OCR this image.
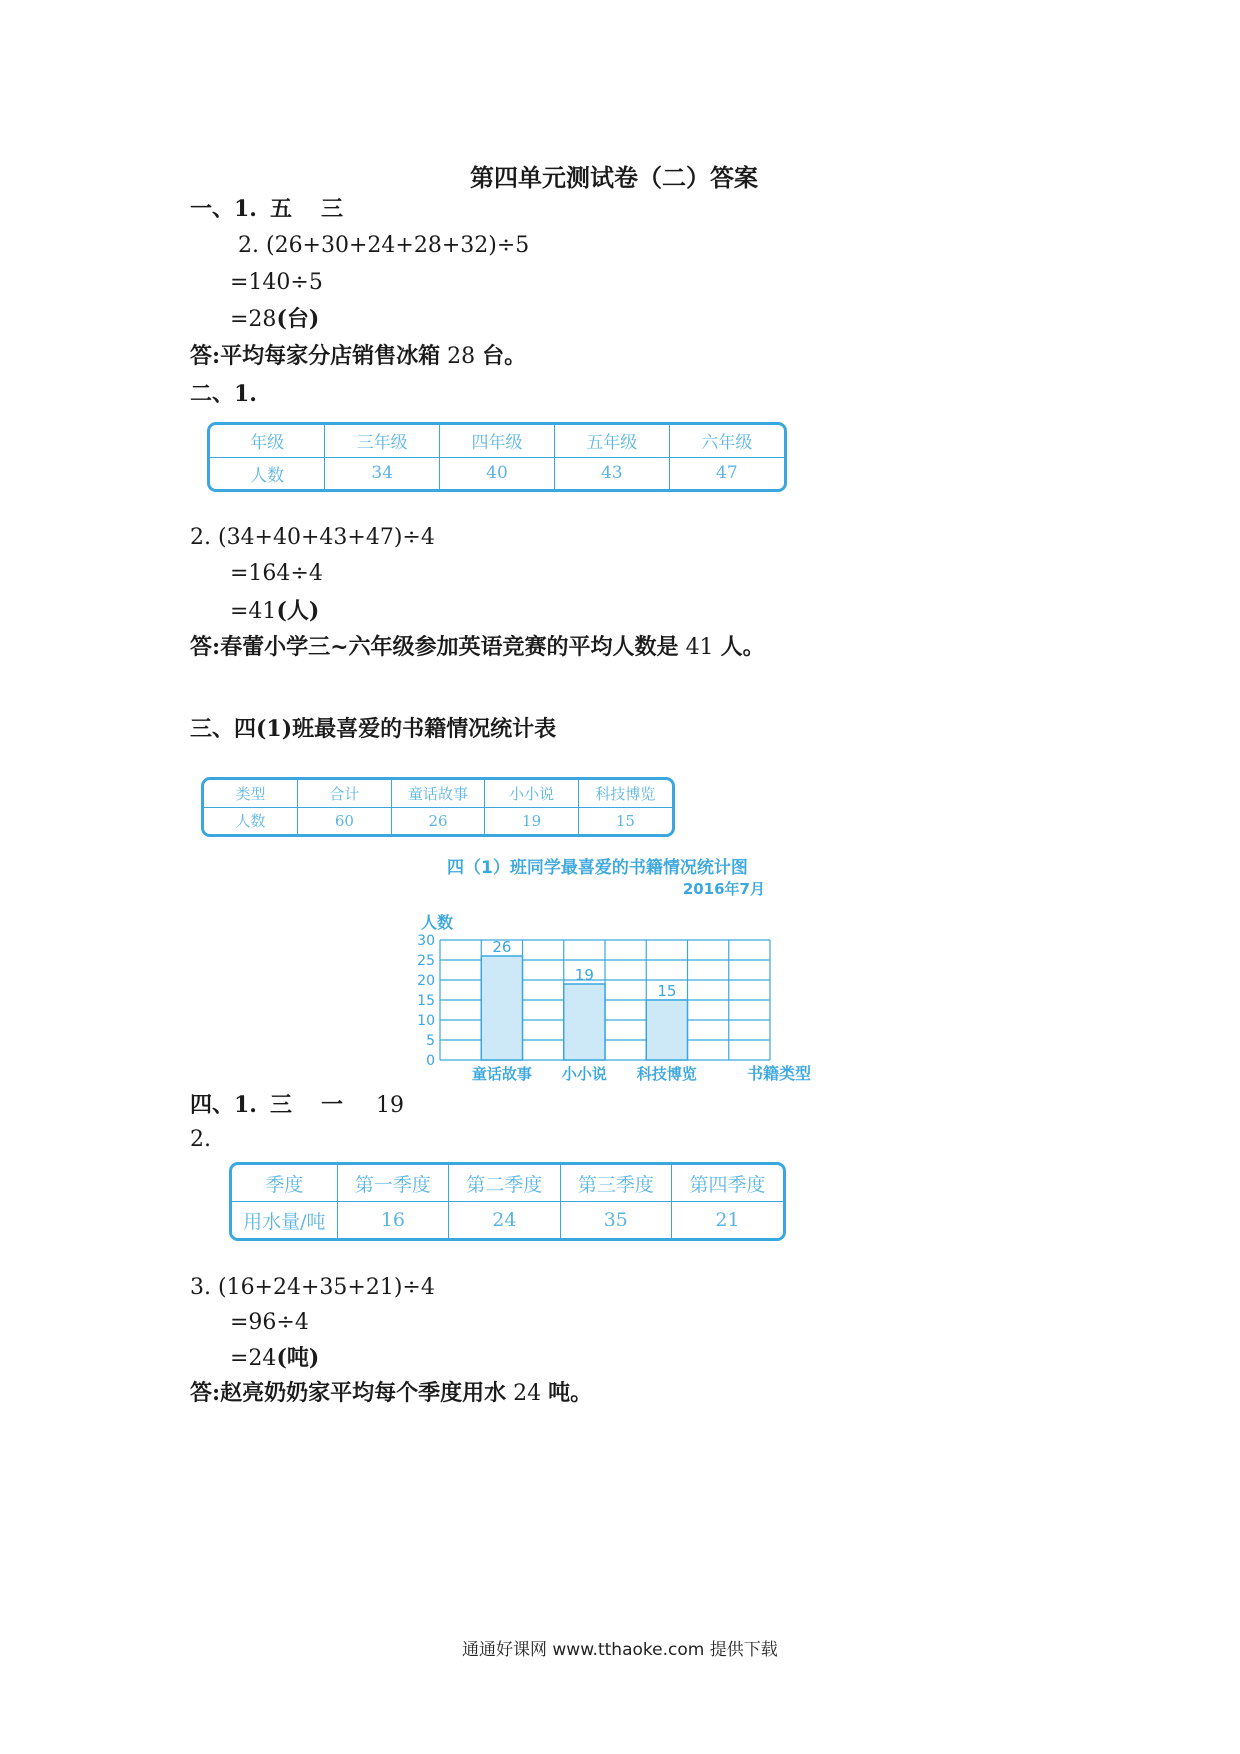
第四单元测试卷（二）答案
一、1. 五 三
2. (26+30+24+28+32)÷5
=140÷5
=28(台)
答:平均每家分店销售冰箱 28 台。
二、1.
年级	三年级	四年级	五年级	六年级
人数	34	40	43	47
2. (34+40+43+47)÷4
=164÷4
=41(人)
答:春蕾小学三~六年级参加英语竞赛的平均人数是 41 人。
三、四(1)班最喜爱的书籍情况统计表
类型	合计	童话故事	小小说	科技博览
人数	60	26	19	15
四（1）班同学最喜爱的书籍情况统计图
2016年7月
人数
书籍类型
26
19
15
0
5
10
15
20
25
30
童话故事 小小说 科技博览
四、1. 三 一 19
2.
季度	第一季度	第二季度	第三季度	第四季度
用水量/吨	16	24	35	21
3. (16+24+35+21)÷4
=96÷4
=24(吨)
答:赵亮奶奶家平均每个季度用水 24 吨。
通通好课网 www.tthaoke.com 提供下载
